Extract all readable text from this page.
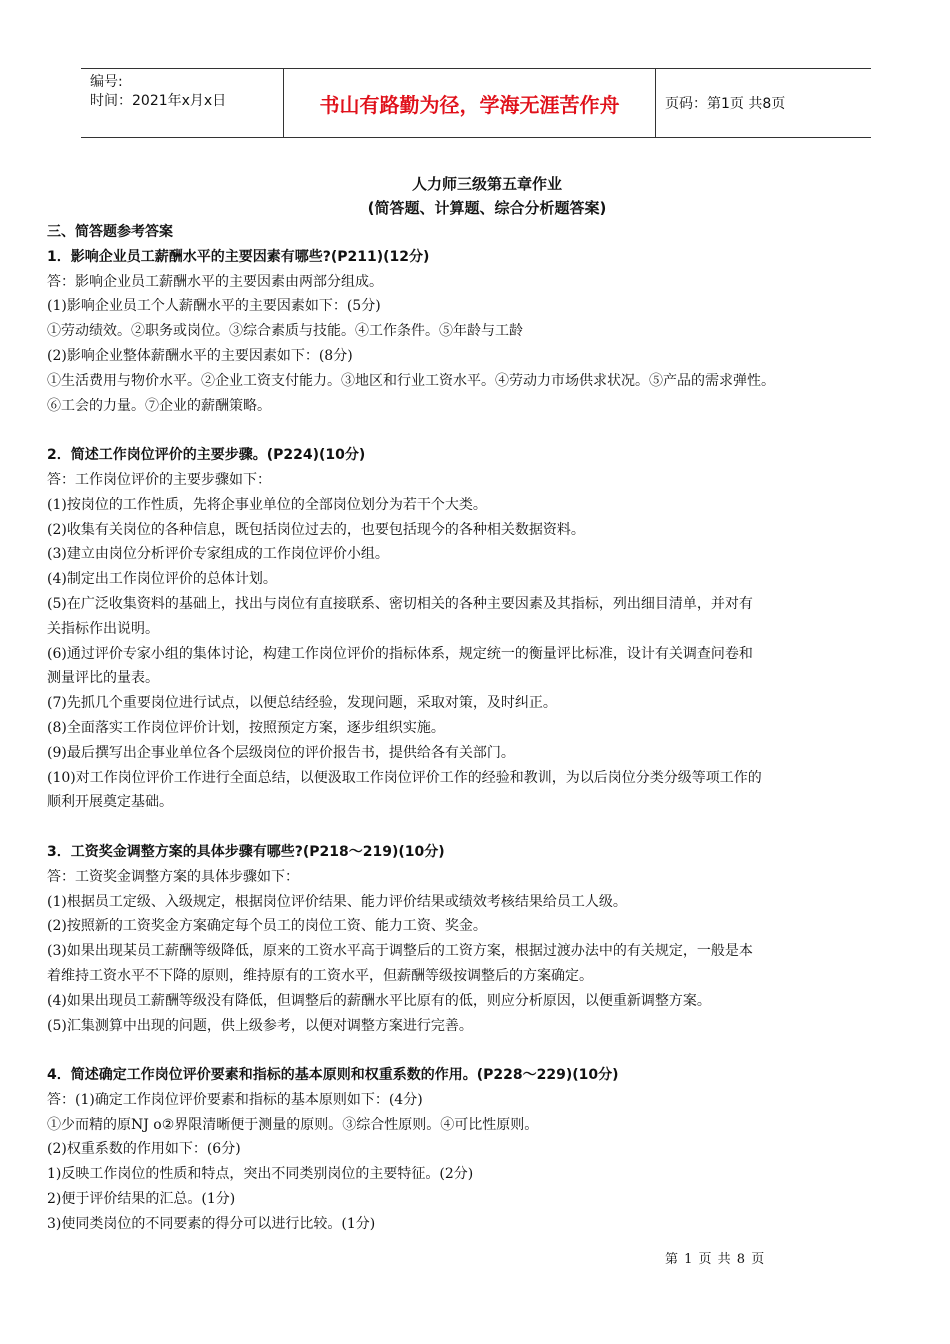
编号:
时间：2021年x月x日	书山有路勤为径，学海无涯苦作舟	页码：第1页 共8页
人力师三级第五章作业
(简答题、计算题、综合分析题答案)
三、简答题参考答案
1．影响企业员工薪酬水平的主要因素有哪些?(P211)(12分)
答：影响企业员工薪酬水平的主要因素由两部分组成。
(1)影响企业员工个人薪酬水平的主要因素如下：(5分)
①劳动绩效。②职务或岗位。③综合素质与技能。④工作条件。⑤年龄与工龄
(2)影响企业整体薪酬水平的主要因素如下：(8分)
①生活费用与物价水平。②企业工资支付能力。③地区和行业工资水平。④劳动力市场供求状况。⑤产品的需求弹性。
⑥工会的力量。⑦企业的薪酬策略。
2．简述工作岗位评价的主要步骤。(P224)(10分)
答：工作岗位评价的主要步骤如下：
(1)按岗位的工作性质，先将企事业单位的全部岗位划分为若干个大类。
(2)收集有关岗位的各种信息，既包括岗位过去的，也要包括现今的各种相关数据资料。
(3)建立由岗位分析评价专家组成的工作岗位评价小组。
(4)制定出工作岗位评价的总体计划。
(5)在广泛收集资料的基础上，找出与岗位有直接联系、密切相关的各种主要因素及其指标，列出细目清单，并对有
关指标作出说明。
(6)通过评价专家小组的集体讨论，构建工作岗位评价的指标体系，规定统一的衡量评比标准，设计有关调查问卷和
测量评比的量表。
(7)先抓几个重要岗位进行试点，以便总结经验，发现问题，采取对策，及时纠正。
(8)全面落实工作岗位评价计划，按照预定方案，逐步组织实施。
(9)最后撰写出企事业单位各个层级岗位的评价报告书，提供给各有关部门。
(10)对工作岗位评价工作进行全面总结，以便汲取工作岗位评价工作的经验和教训，为以后岗位分类分级等项工作的
顺利开展奠定基础。
3．工资奖金调整方案的具体步骤有哪些?(P218～219)(10分)
答：工资奖金调整方案的具体步骤如下：
(1)根据员工定级、入级规定，根据岗位评价结果、能力评价结果或绩效考核结果给员工人级。
(2)按照新的工资奖金方案确定每个员工的岗位工资、能力工资、奖金。
(3)如果出现某员工薪酬等级降低，原来的工资水平高于调整后的工资方案，根据过渡办法中的有关规定，一般是本
着维持工资水平不下降的原则，维持原有的工资水平，但薪酬等级按调整后的方案确定。
(4)如果出现员工薪酬等级没有降低，但调整后的薪酬水平比原有的低，则应分析原因，以便重新调整方案。
(5)汇集测算中出现的问题，供上级参考，以便对调整方案进行完善。
4．简述确定工作岗位评价要素和指标的基本原则和权重系数的作用。(P228～229)(10分)
答：(1)确定工作岗位评价要素和指标的基本原则如下：(4分)
①少而精的原NJ o②界限清晰便于测量的原则。③综合性原则。④可比性原则。
(2)权重系数的作用如下：(6分)
1)反映工作岗位的性质和特点，突出不同类别岗位的主要特征。(2分)
2)便于评价结果的汇总。(1分)
3)使同类岗位的不同要素的得分可以进行比较。(1分)
第 1 页 共 8 页
